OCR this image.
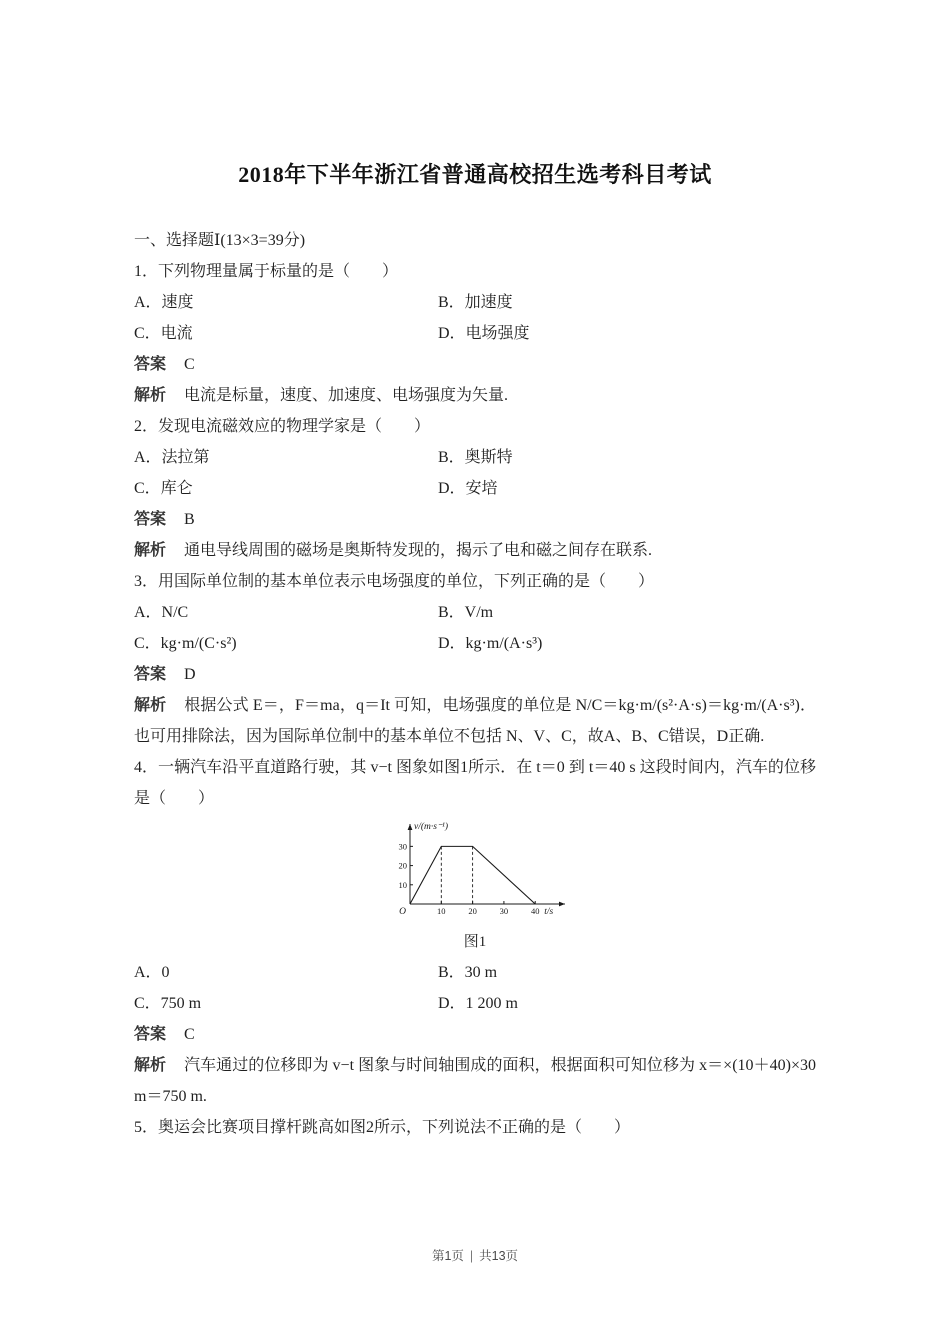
2018年下半年浙江省普通高校招生选考科目考试

一、选择题Ⅰ(13×3=39分)

1．下列物理量属于标量的是（　　）

A．速度	B．加速度
C．电流	D．电场强度

答案 C

解析 电流是标量，速度、加速度、电场强度为矢量.

2．发现电流磁效应的物理学家是（　　）

A．法拉第	B．奥斯特
C．库仑	D．安培

答案 B

解析 通电导线周围的磁场是奥斯特发现的，揭示了电和磁之间存在联系.

3．用国际单位制的基本单位表示电场强度的单位，下列正确的是（　　）

A．N/C	B．V/m
C．kg·m/(C·s²)	D．kg·m/(A·s³)

答案 D

解析 根据公式 E＝，F＝ma，q＝It 可知，电场强度的单位是 N/C＝kg·m/(s²·A·s)＝kg·m/(A·s³)．也可用排除法，因为国际单位制中的基本单位不包括 N、V、C，故A、B、C错误，D正确.

4．一辆汽车沿平直道路行驶，其 v−t 图象如图1所示．在 t＝0 到 t＝40 s 这段时间内，汽车的位移是（　　）

10
20
30
10	20	30	40
v/(m·s⁻¹)
t/s
O
图1
A．0	B．30 m
C．750 m	D．1 200 m

答案 C

解析 汽车通过的位移即为 v−t 图象与时间轴围成的面积，根据面积可知位移为 x＝×(10＋40)×30 m＝750 m.

5．奥运会比赛项目撑杆跳高如图2所示，下列说法不正确的是（　　）

第1页 | 共13页
